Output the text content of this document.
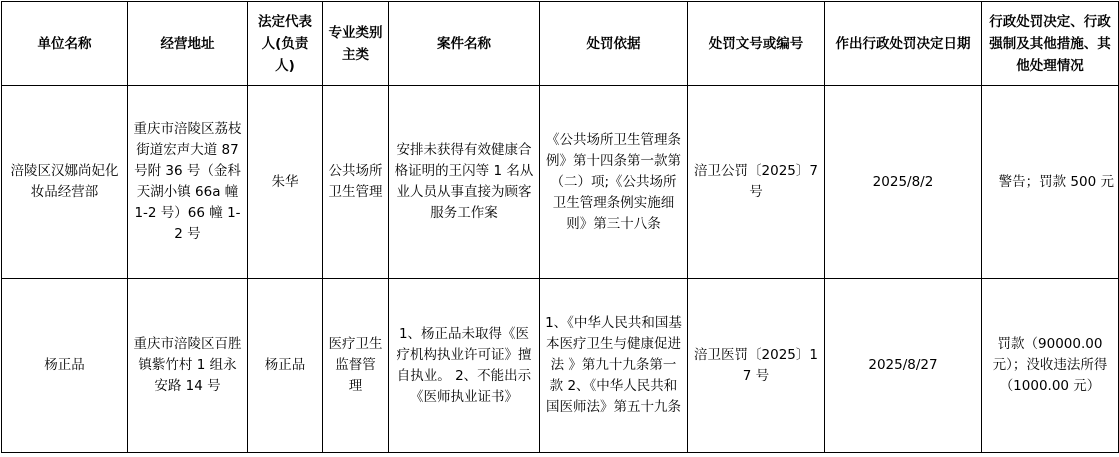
单位名称	经营地址	法定代表人(负责人)	专业类别主类	案件名称	处罚依据	处罚文号或编号	作出行政处罚决定日期	行政处罚决定、行政强制及其他措施、其他处理情况
涪陵区汉娜尚妃化妆品经营部	重庆市涪陵区荔枝街道宏声大道 87 号附 36 号（金科天湖小镇 66a 幢 1-2 号）66 幢 1-2 号	朱华	公共场所卫生管理	安排未获得有效健康合格证明的王闪等 1 名从业人员从事直接为顾客服务工作案	《公共场所卫生管理条例》第十四条第一款第（二）项;《公共场所卫生管理条例实施细则》第三十八条	涪卫公罚〔2025〕7 号	2025/8/2	警告；罚款 500 元
杨正品	重庆市涪陵区百胜镇紫竹村 1 组永安路 14 号	杨正品	医疗卫生监督管 理	1、杨正品未取得《医疗机构执业许可证》擅自执业。 2、不能出示《医师执业证书》	1、《中华人民共和国基本医疗卫生与健康促进法 》第九十九条第一款 2、《中华人民共和国医师法》第五十九条	涪卫医罚〔2025〕17 号	2025/8/27	罚款（90000.00 元）；没收违法所得（1000.00 元）
